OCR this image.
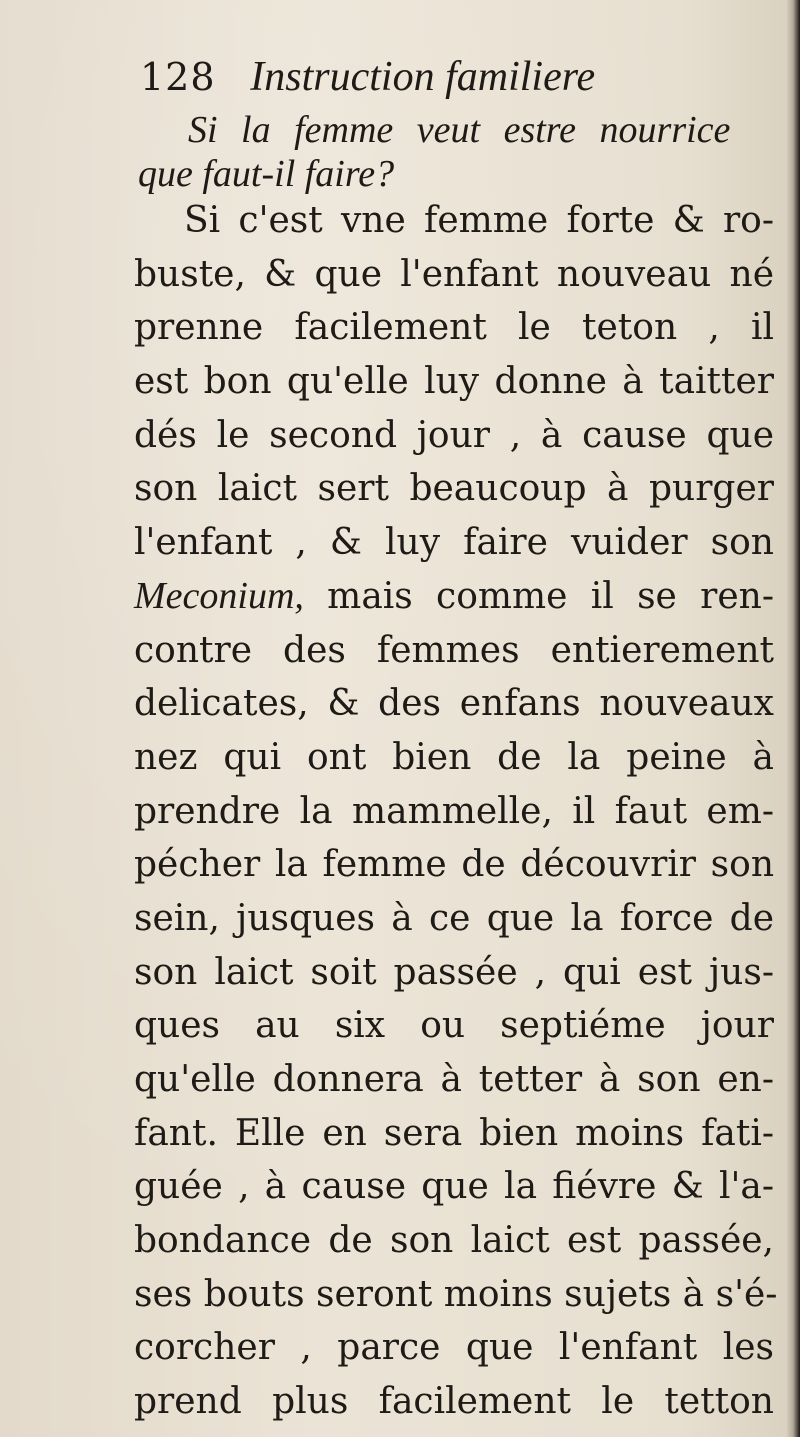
128 Instruction familiere
Si la femme veut estre nourrice
que faut-il faire?
Si c'est vne femme forte & ro-
buste, & que l'enfant nouveau né
prenne facilement le teton , il
est bon qu'elle luy donne à taitter
dés le second jour , à cause que
son laict sert beaucoup à purger
l'enfant , & luy faire vuider son
Meconium, mais comme il se ren-
contre des femmes entierement
delicates, & des enfans nouveaux
nez qui ont bien de la peine à
prendre la mammelle, il faut em-
pécher la femme de découvrir son
sein, jusques à ce que la force de
son laict soit passée , qui est jus-
ques au six ou septiéme jour
qu'elle donnera à tetter à son en-
fant. Elle en sera bien moins fati-
guée , à cause que la fiévre & l'a-
bondance de son laict est passée,
ses bouts seront moins sujets à s'é-
corcher , parce que l'enfant les
prend plus facilement le tetton
